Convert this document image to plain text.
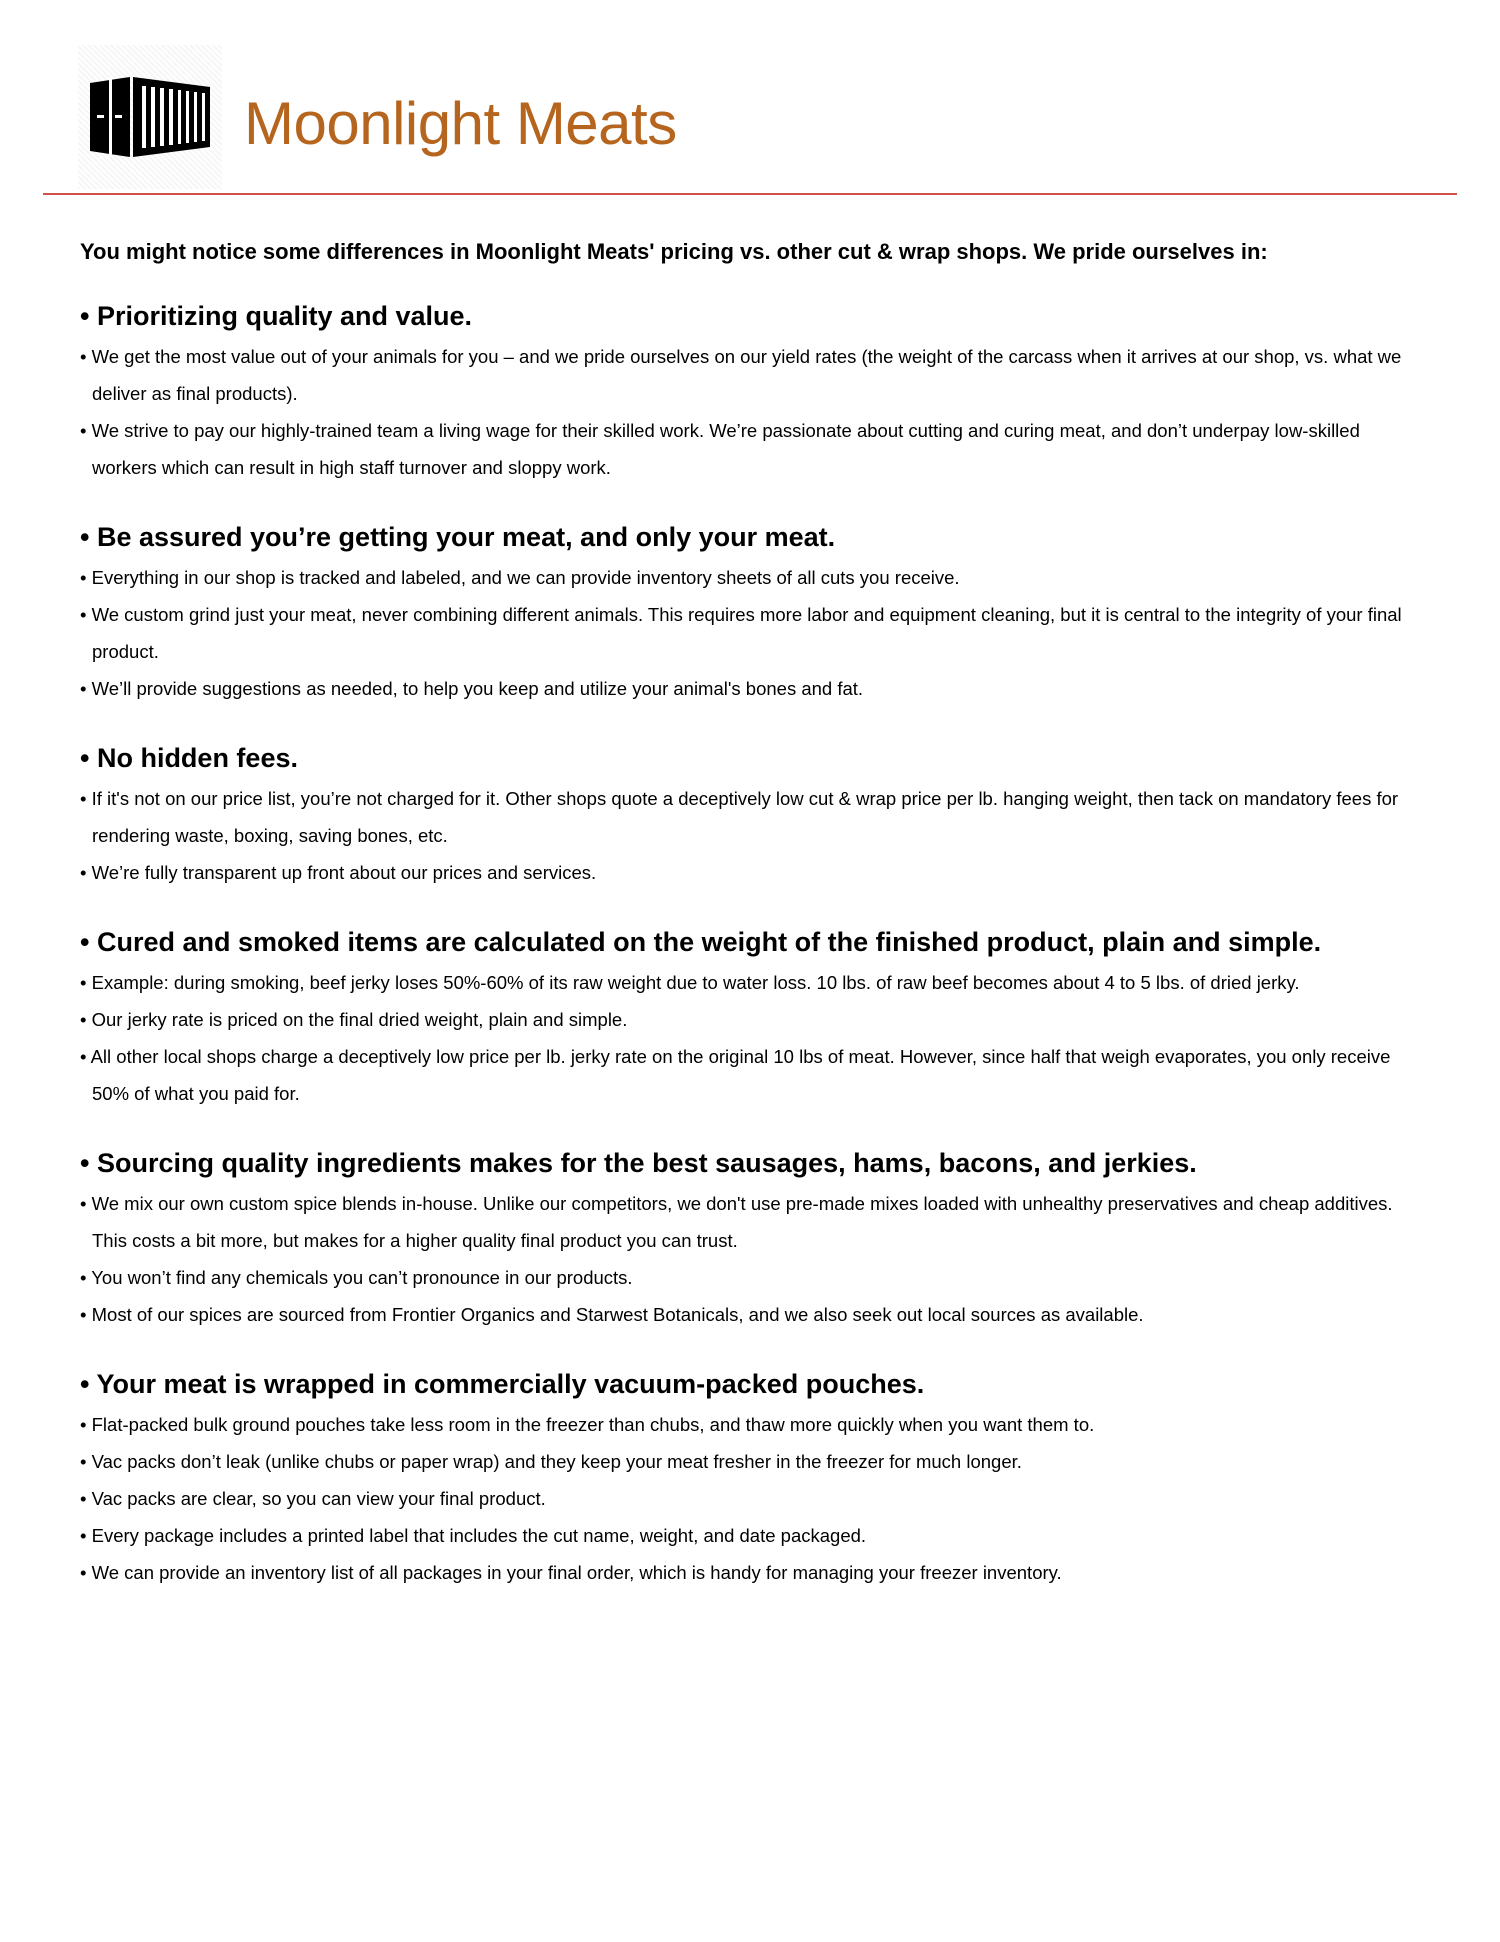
Moonlight Meats

You might notice some differences in Moonlight Meats' pricing vs. other cut & wrap shops. We pride ourselves in:

• Prioritizing quality and value.

• We get the most value out of your animals for you – and we pride ourselves on our yield rates (the weight of the carcass when it arrives at our shop, vs. what we deliver as final products).

• We strive to pay our highly-trained team a living wage for their skilled work. We’re passionate about cutting and curing meat, and don’t underpay low-skilled workers which can result in high staff turnover and sloppy work.

• Be assured you’re getting your meat, and only your meat.

• Everything in our shop is tracked and labeled, and we can provide inventory sheets of all cuts you receive.

• We custom grind just your meat, never combining different animals. This requires more labor and equipment cleaning, but it is central to the integrity of your final product.

• We’ll provide suggestions as needed, to help you keep and utilize your animal's bones and fat.

• No hidden fees.

• If it's not on our price list, you’re not charged for it. Other shops quote a deceptively low cut & wrap price per lb. hanging weight, then tack on mandatory fees for rendering waste, boxing, saving bones, etc.

• We’re fully transparent up front about our prices and services.

• Cured and smoked items are calculated on the weight of the finished product, plain and simple.

• Example: during smoking, beef jerky loses 50%-60% of its raw weight due to water loss. 10 lbs. of raw beef becomes about 4 to 5 lbs. of dried jerky.

• Our jerky rate is priced on the final dried weight, plain and simple.

• All other local shops charge a deceptively low price per lb. jerky rate on the original 10 lbs of meat. However, since half that weigh evaporates, you only receive 50% of what you paid for.

• Sourcing quality ingredients makes for the best sausages, hams, bacons, and jerkies.

• We mix our own custom spice blends in-house. Unlike our competitors, we don't use pre-made mixes loaded with unhealthy preservatives and cheap additives. This costs a bit more, but makes for a higher quality final product you can trust.

• You won’t find any chemicals you can’t pronounce in our products.

• Most of our spices are sourced from Frontier Organics and Starwest Botanicals, and we also seek out local sources as available.

• Your meat is wrapped in commercially vacuum-packed pouches.

• Flat-packed bulk ground pouches take less room in the freezer than chubs, and thaw more quickly when you want them to.

• Vac packs don’t leak (unlike chubs or paper wrap) and they keep your meat fresher in the freezer for much longer.

• Vac packs are clear, so you can view your final product.

• Every package includes a printed label that includes the cut name, weight, and date packaged.

• We can provide an inventory list of all packages in your final order, which is handy for managing your freezer inventory.
